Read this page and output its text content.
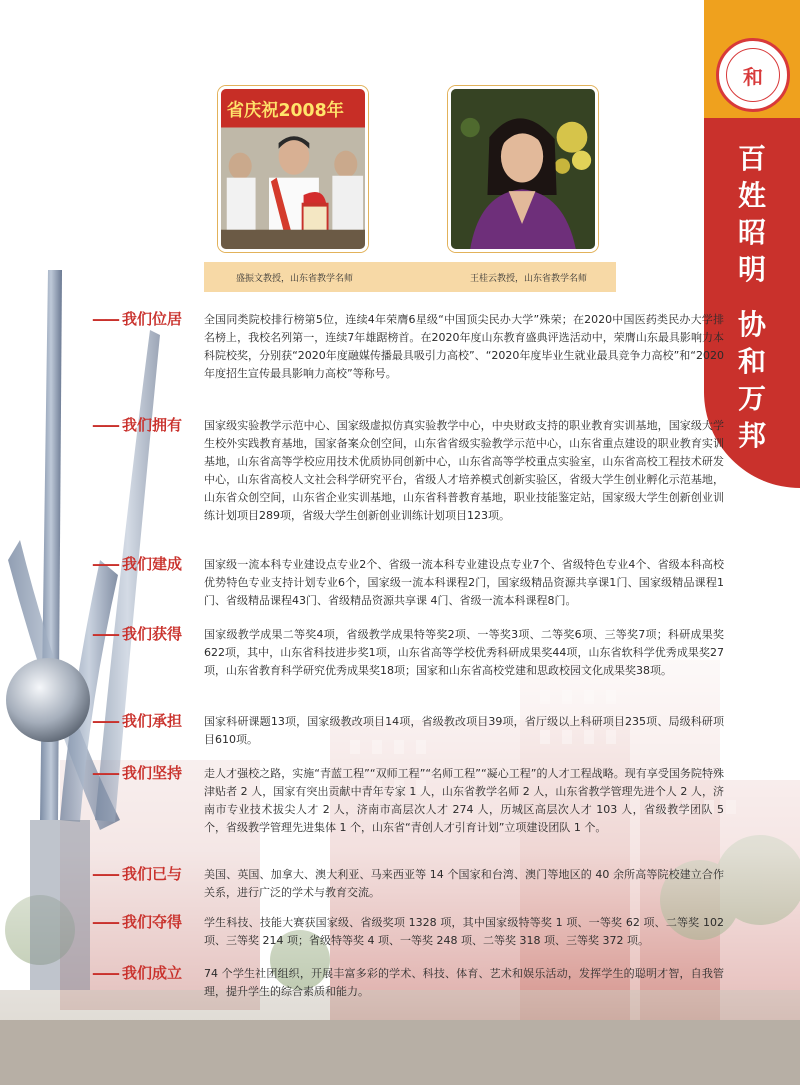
和
百
姓
昭
明
协
和
万
邦
省庆祝2008年
盛振文教授，山东省教学名师	王桂云教授，山东省教学名师
—— 我们位居	全国同类院校排行榜第5位，连续4年荣膺6星级“中国顶尖民办大学”殊荣；在2020中国医药类民办大学排名榜上，我校名列第一，连续7年雄踞榜首。在2020年度山东教育盛典评选活动中，荣膺山东最具影响力本科院校奖，分别获“2020年度融媒传播最具吸引力高校”、“2020年度毕业生就业最具竞争力高校”和“2020年度招生宣传最具影响力高校”等称号。
—— 我们拥有	国家级实验教学示范中心、国家级虚拟仿真实验教学中心，中央财政支持的职业教育实训基地，国家级大学生校外实践教育基地，国家备案众创空间，山东省省级实验教学示范中心，山东省重点建设的职业教育实训基地，山东省高等学校应用技术优质协同创新中心，山东省高等学校重点实验室，山东省高校工程技术研发中心，山东省高校人文社会科学研究平台，省级人才培养模式创新实验区，省级大学生创业孵化示范基地，山东省众创空间，山东省企业实训基地，山东省科普教育基地，职业技能鉴定站，国家级大学生创新创业训练计划项目289项，省级大学生创新创业训练计划项目123项。
—— 我们建成	国家级一流本科专业建设点专业2个、省级一流本科专业建设点专业7个、省级特色专业4个、省级本科高校优势特色专业支持计划专业6个，国家级一流本科课程2门，国家级精品资源共享课1门、国家级精品课程1门、省级精品课程43门、省级精品资源共享课 4门、省级一流本科课程8门。
—— 我们获得	国家级教学成果二等奖4项，省级教学成果特等奖2项、一等奖3项、二等奖6项、三等奖7项；科研成果奖622项，其中，山东省科技进步奖1项，山东省高等学校优秀科研成果奖44项，山东省软科学优秀成果奖27项，山东省教育科学研究优秀成果奖18项；国家和山东省高校党建和思政校园文化成果奖38项。
—— 我们承担	国家科研课题13项，国家级教改项目14项，省级教改项目39项，省厅级以上科研项目235项、局级科研项目610项。
—— 我们坚持	走人才强校之路，实施“青蓝工程”“双师工程”“名师工程”“凝心工程”的人才工程战略。现有享受国务院特殊津贴者 2 人，国家有突出贡献中青年专家 1 人，山东省教学名师 2 人，山东省教学管理先进个人 2 人，济南市专业技术拔尖人才 2 人，济南市高层次人才 274 人，历城区高层次人才 103 人，省级教学团队 5 个，省级教学管理先进集体 1 个，山东省“青创人才引育计划”立项建设团队 1 个。
—— 我们已与	美国、英国、加拿大、澳大利亚、马来西亚等 14 个国家和台湾、澳门等地区的 40 余所高等院校建立合作关系，进行广泛的学术与教育交流。
—— 我们夺得	学生科技、技能大赛获国家级、省级奖项 1328 项，其中国家级特等奖 1 项、一等奖 62 项、二等奖 102 项、三等奖 214 项；省级特等奖 4 项、一等奖 248 项、二等奖 318 项、三等奖 372 项。
—— 我们成立	74 个学生社团组织，开展丰富多彩的学术、科技、体育、艺术和娱乐活动，发挥学生的聪明才智，自我管理，提升学生的综合素质和能力。
